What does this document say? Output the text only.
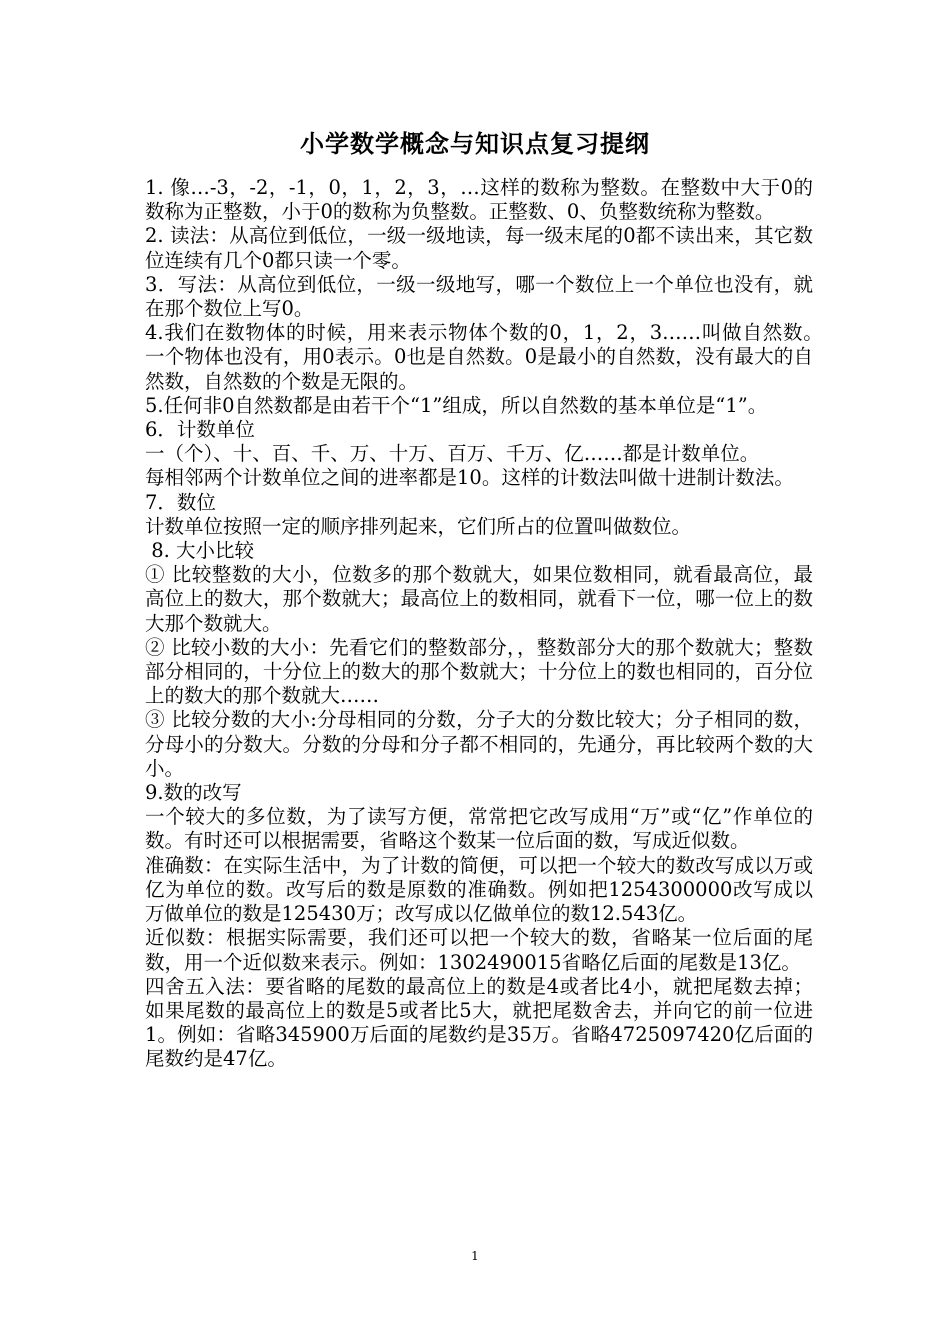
小学数学概念与知识点复习提纲

1. 像…-3，-2，-1，0，1，2，3，…这样的数称为整数。在整数中大于0的数称为正整数，小于0的数称为负整数。正整数、0、负整数统称为整数。

2. 读法：从高位到低位，一级一级地读，每一级末尾的0都不读出来，其它数位连续有几个0都只读一个零。

3．写法：从高位到低位，一级一级地写，哪一个数位上一个单位也没有，就在那个数位上写0。

4.我们在数物体的时候，用来表示物体个数的0，1，2，3……叫做自然数。　　一个物体也没有，用0表示。0也是自然数。0是最小的自然数，没有最大的自然数，自然数的个数是无限的。

5.任何非0自然数都是由若干个“1”组成，所以自然数的基本单位是“1”。

6．计数单位

一（个）、十、百、千、万、十万、百万、千万、亿……都是计数单位。

每相邻两个计数单位之间的进率都是10。这样的计数法叫做十进制计数法。

7．数位

计数单位按照一定的顺序排列起来，它们所占的位置叫做数位。

8. 大小比较

① 比较整数的大小，位数多的那个数就大，如果位数相同，就看最高位，最高位上的数大，那个数就大；最高位上的数相同，就看下一位，哪一位上的数大那个数就大。

② 比较小数的大小：先看它们的整数部分，，整数部分大的那个数就大；整数部分相同的，十分位上的数大的那个数就大；十分位上的数也相同的，百分位上的数大的那个数就大……

③ 比较分数的大小:分母相同的分数，分子大的分数比较大；分子相同的数，分母小的分数大。分数的分母和分子都不相同的，先通分，再比较两个数的大小。

9.数的改写

一个较大的多位数，为了读写方便，常常把它改写成用“万”或“亿”作单位的数。有时还可以根据需要，省略这个数某一位后面的数，写成近似数。

准确数：在实际生活中，为了计数的简便，可以把一个较大的数改写成以万或亿为单位的数。改写后的数是原数的准确数。例如把1254300000改写成以万做单位的数是125430万；改写成以亿做单位的数12.543亿。

近似数：根据实际需要，我们还可以把一个较大的数，省略某一位后面的尾数，用一个近似数来表示。例如：1302490015省略亿后面的尾数是13亿。

四舍五入法：要省略的尾数的最高位上的数是4或者比4小，就把尾数去掉；如果尾数的最高位上的数是5或者比5大，就把尾数舍去，并向它的前一位进1。例如：省略345900万后面的尾数约是35万。省略4725097420亿后面的尾数约是47亿。

1
